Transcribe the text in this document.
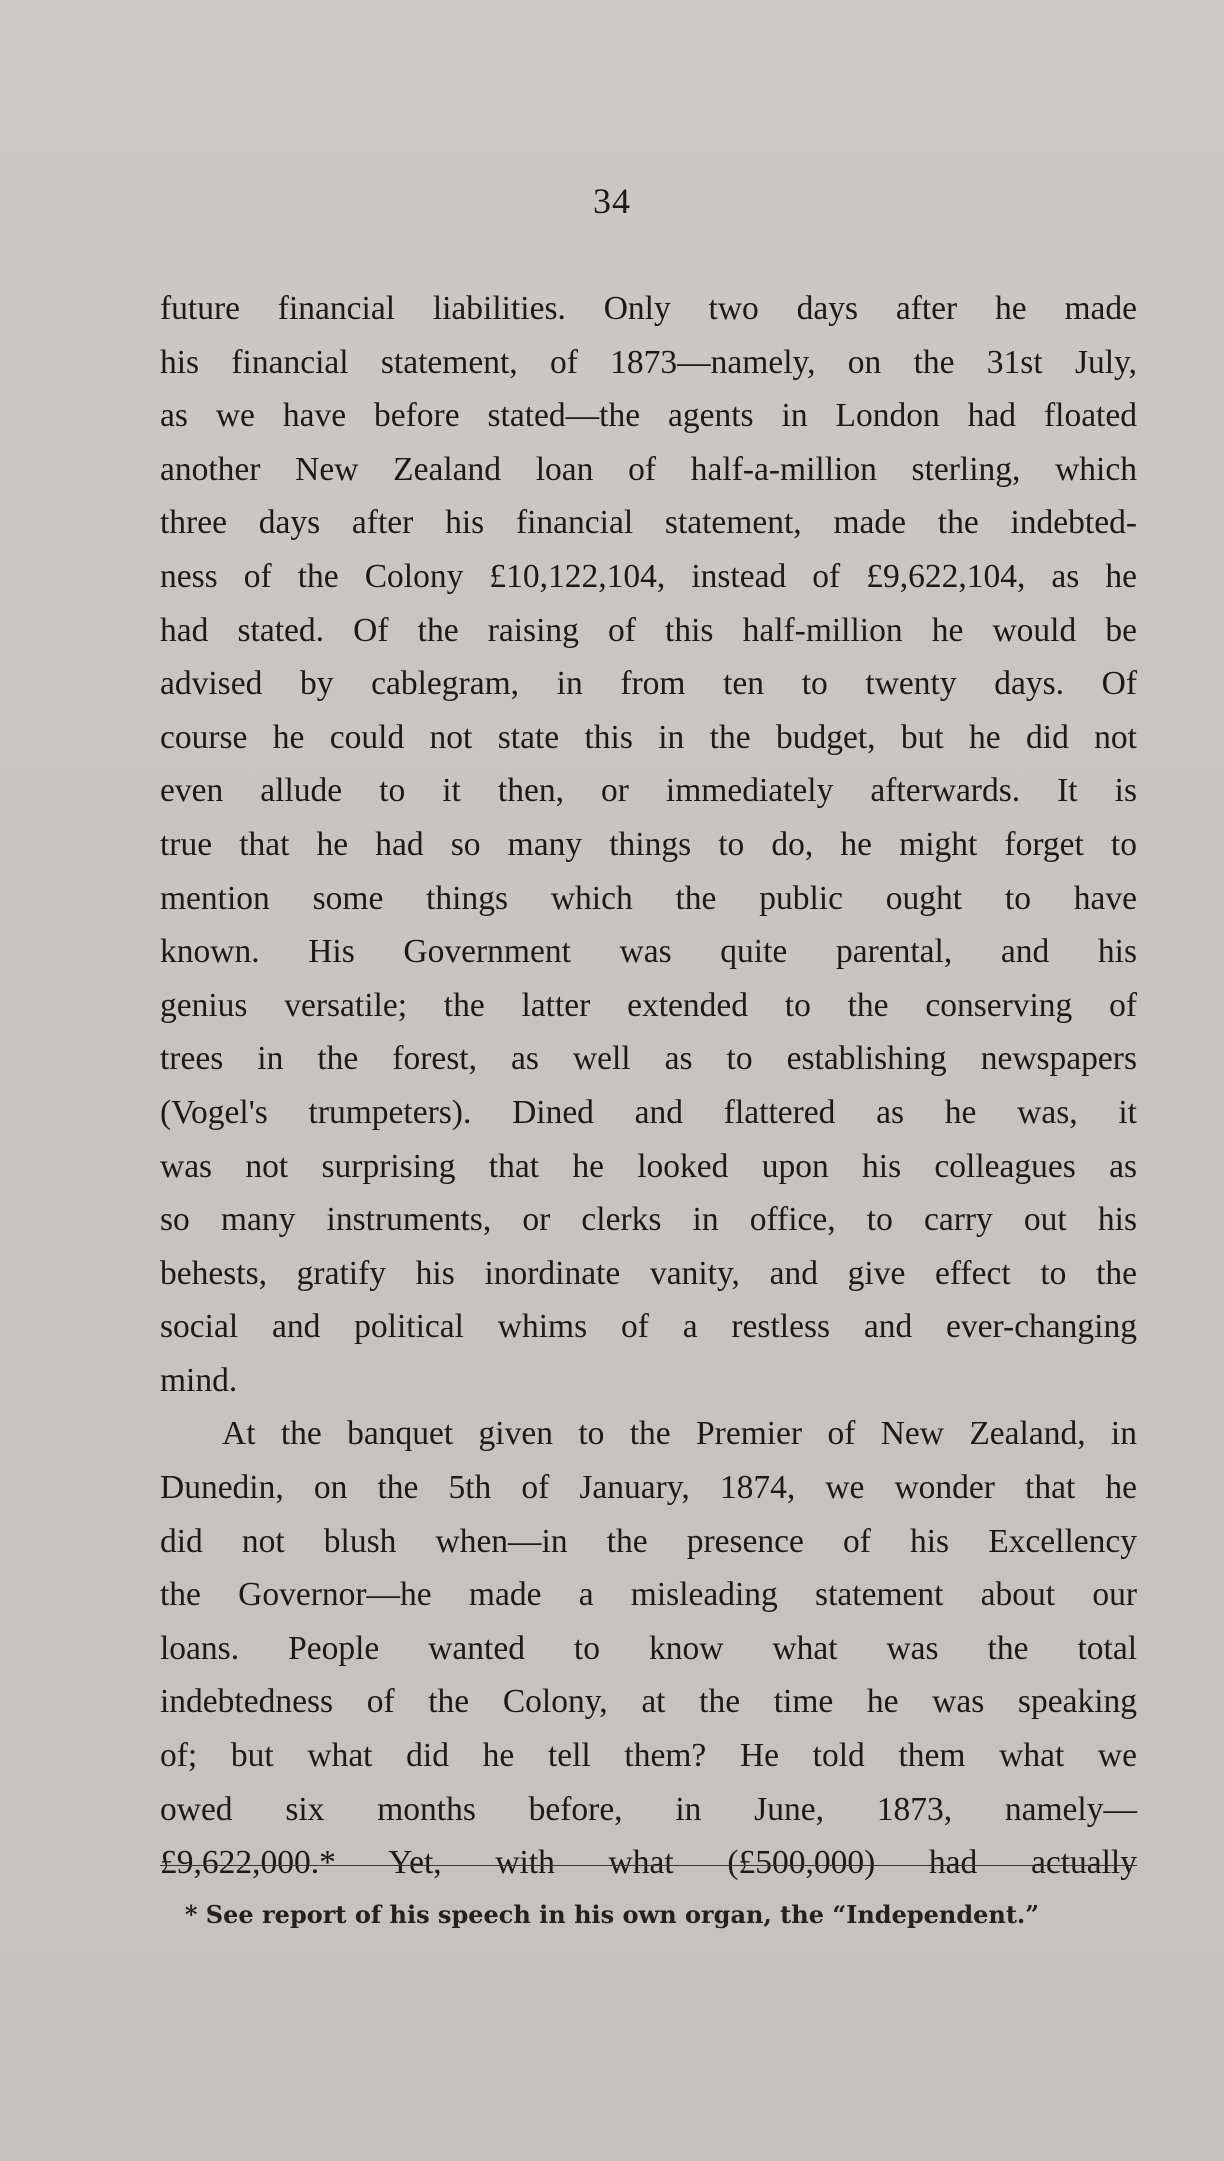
34
future financial liabilities. Only two days after he made
his financial statement, of 1873—namely, on the 31st July,
as we have before stated—the agents in London had floated
another New Zealand loan of half-a-million sterling, which
three days after his financial statement, made the indebted-
ness of the Colony £10,122,104, instead of £9,622,104, as he
had stated. Of the raising of this half-million he would be
advised by cablegram, in from ten to twenty days. Of
course he could not state this in the budget, but he did not
even allude to it then, or immediately afterwards. It is
true that he had so many things to do, he might forget to
mention some things which the public ought to have
known. His Government was quite parental, and his
genius versatile; the latter extended to the conserving of
trees in the forest, as well as to establishing newspapers
(Vogel's trumpeters). Dined and flattered as he was, it
was not surprising that he looked upon his colleagues as
so many instruments, or clerks in office, to carry out his
behests, gratify his inordinate vanity, and give effect to the
social and political whims of a restless and ever-changing
mind.
At the banquet given to the Premier of New Zealand, in
Dunedin, on the 5th of January, 1874, we wonder that he
did not blush when—in the presence of his Excellency
the Governor—he made a misleading statement about our
loans. People wanted to know what was the total
indebtedness of the Colony, at the time he was speaking
of; but what did he tell them? He told them what we
owed six months before, in June, 1873, namely—
£9,622,000.* Yet, with what (£500,000) had actually
* See report of his speech in his own organ, the “Independent.”
